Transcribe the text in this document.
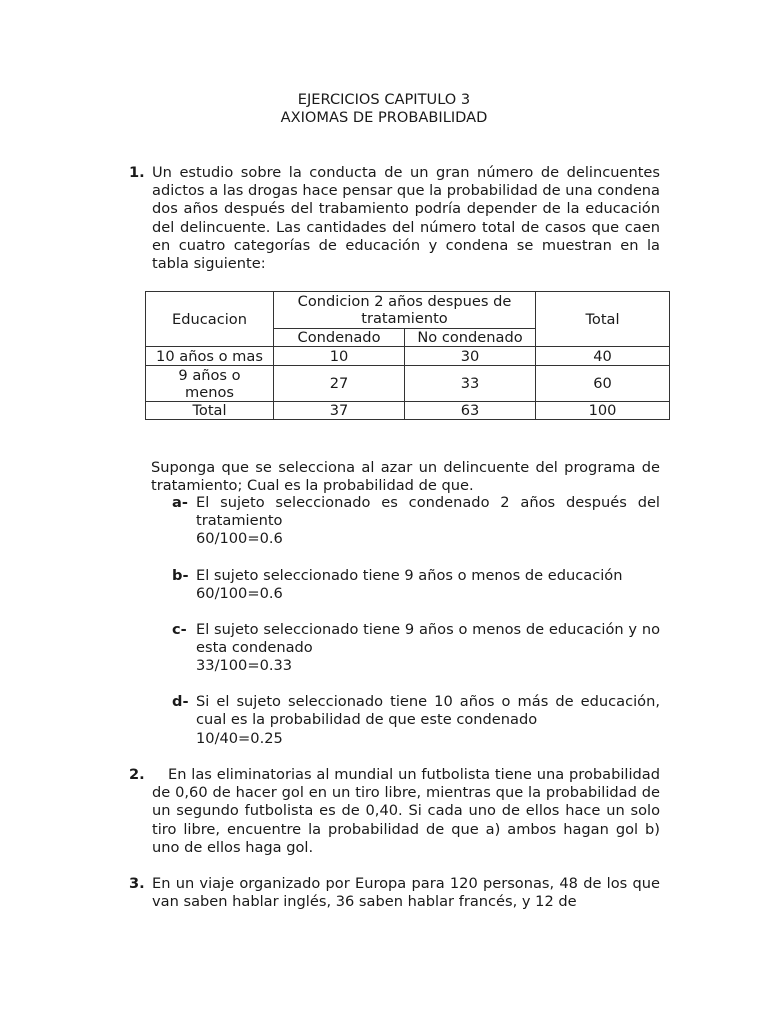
EJERCICIOS CAPITULO 3
AXIOMAS DE PROBABILIDAD
1. Un estudio sobre la conducta de un gran número de delincuentes adictos a las drogas hace pensar que la probabilidad de una condena dos años después del trabamiento podría depender de la educación del delincuente. Las cantidades del número total de casos que caen en cuatro categorías de educación y condena se muestran en la tabla siguiente:
Educacion	Condicion 2 años despues de tratamiento		Total
	Condenado	No condenado	
10 años o mas	10	30	40
9 años o menos	27	33	60
Total	37	63	100
Suponga que se selecciona al azar un delincuente del programa de tratamiento; Cual es la probabilidad de que.
a- El sujeto seleccionado es condenado 2 años después del tratamiento
60/100=0.6
b- El sujeto seleccionado tiene 9 años o menos de educación
60/100=0.6
c- El sujeto seleccionado tiene 9 años o menos de educación y no esta condenado
33/100=0.33
d- Si el sujeto seleccionado tiene 10 años o más de educación, cual es la probabilidad de que este condenado
10/40=0.25
2.	En las eliminatorias al mundial un futbolista tiene una probabilidad de 0,60 de hacer gol en un tiro libre, mientras que la probabilidad de un segundo futbolista es de 0,40. Si cada uno de ellos hace un solo tiro libre, encuentre la probabilidad de que a) ambos hagan gol b) uno de ellos haga gol.
3. En un viaje organizado por Europa para 120 personas, 48 de los que van saben hablar inglés, 36 saben hablar francés, y 12 de
